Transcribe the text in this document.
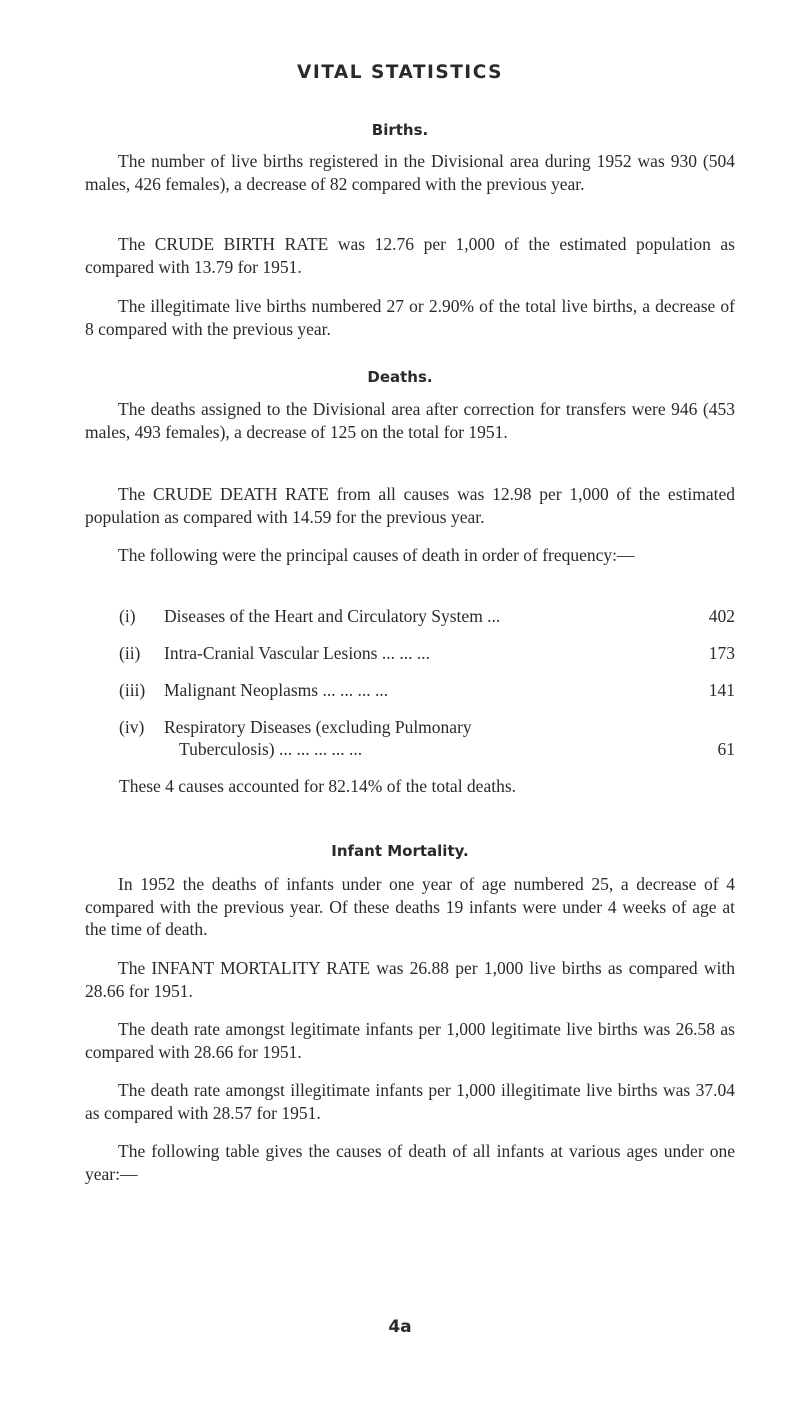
VITAL STATISTICS
Births.

The number of live births registered in the Divisional area during 1952 was 930 (504 males, 426 females), a decrease of 82 compared with the previous year.

The CRUDE BIRTH RATE was 12.76 per 1,000 of the estimated population as compared with 13.79 for 1951.

The illegitimate live births numbered 27 or 2.90% of the total live births, a decrease of 8 compared with the previous year.

Deaths.

The deaths assigned to the Divisional area after correction for transfers were 946 (453 males, 493 females), a decrease of 125 on the total for 1951.

The CRUDE DEATH RATE from all causes was 12.98 per 1,000 of the estimated population as compared with 14.59 for the previous year.

The following were the principal causes of death in order of frequency:—

(i) Diseases of the Heart and Circulatory System ...	402
(ii) Intra-Cranial Vascular Lesions ... ... ...	173
(iii) Malignant Neoplasms ... ... ... ...	141
(iv) Respiratory Diseases (excluding Pulmonary
Tuberculosis) ... ... ... ... ...	61

These 4 causes accounted for 82.14% of the total deaths.

Infant Mortality.

In 1952 the deaths of infants under one year of age numbered 25, a decrease of 4 compared with the previous year. Of these deaths 19 infants were under 4 weeks of age at the time of death.

The INFANT MORTALITY RATE was 26.88 per 1,000 live births as compared with 28.66 for 1951.

The death rate amongst legitimate infants per 1,000 legitimate live births was 26.58 as compared with 28.66 for 1951.

The death rate amongst illegitimate infants per 1,000 illegitimate live births was 37.04 as compared with 28.57 for 1951.

The following table gives the causes of death of all infants at various ages under one year:—

4a
